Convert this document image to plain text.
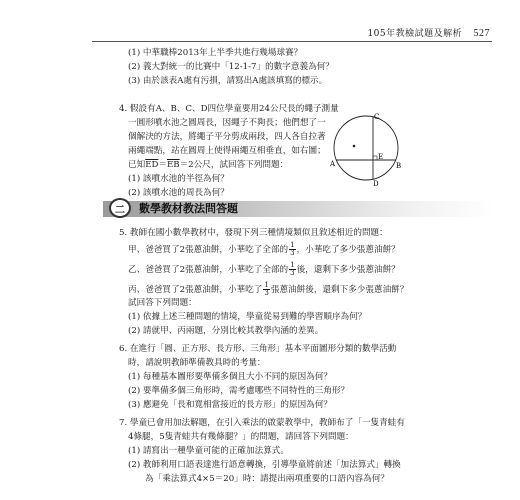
105年教檢試題及解析 527
(1) 中華職棒2013年上半季共進行幾場球賽？
(2) 義大對統一的比賽中「12-1-7」的數字意義為何？
(3) 由於該表A處有污損，請寫出A處該填寫的標示。
4. 假設有A、B、C、D四位學童要用24公尺長的繩子測量
一圓形噴水池之圓周長，因繩子不夠長；他們想了一
個解決的方法，將繩子平分剪成兩段，四人各自拉著
兩繩端點，站在圓周上使得兩繩互相垂直，如右圖；
已知$\overline{ED}=\overline{EB}=2$公尺，試回答下列問題：
(1) 該噴水池的半徑為何？
(2) 該噴水池的周長為何？
A	B
C
D
E
二	數學教材教法問答題
5. 教師在國小數學教材中，發現下列三種情境類似且敘述相近的問題：
甲、爸爸買了2張蔥油餅，小華吃了全部的 $\frac{1}{3}$ ，小華吃了多少張蔥油餅？
乙、爸爸買了2張蔥油餅，小華吃了全部的 $\frac{1}{3}$ 後，還剩下多少張蔥油餅？
丙、爸爸買了2張蔥油餅，小華吃了 $\frac{1}{3}$ 張蔥油餅後，還剩下多少張蔥油餅？
試回答下列問題：
(1) 依據上述三種問題的情境，學童從易到難的學習順序為何？
(2) 請就甲、丙兩題，分別比較其教學內涵的差異。
6. 在進行「圓、正方形、長方形、三角形」基本平面圖形分類的數學活動
時，請說明教師準備教具時的考量：
(1) 每種基本圖形要準備多個且大小不同的原因為何？
(2) 要準備多個三角形時，需考慮哪些不同特性的三角形？
(3) 應避免「長和寬相當接近的長方形」的原因為何？
7. 學童已會用加法解題，在引入乘法的啟蒙教學中，教師布了「一隻青蛙有
4條腿，5隻青蛙共有幾條腿？」的問題，請回答下列問題：
(1) 請寫出一種學童可能的正確加法算式。
(2) 教師利用口語表達進行語意轉換，引導學童將前述「加法算式」轉換
為「乘法算式4×5＝20」時：請提出兩項重要的口語內容為何？
